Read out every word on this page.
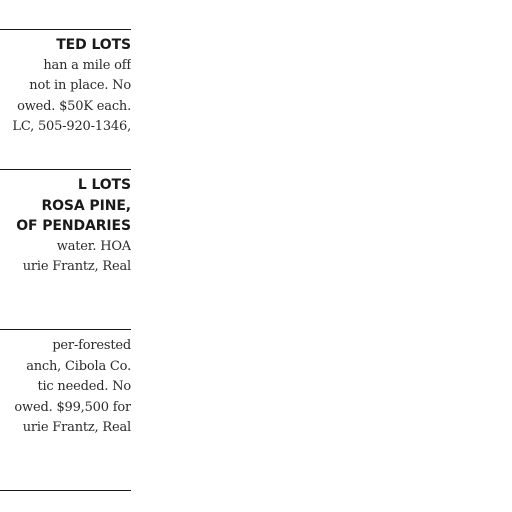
TED LOTS
han a mile off
not in place. No
owed. $50K each.
LC, 505-920-1346,
L LOTS
ROSA PINE,
OF PENDARIES
water. HOA
urie Frantz, Real
per-forested
anch, Cibola Co.
tic needed. No
owed. $99,500 for
urie Frantz, Real
